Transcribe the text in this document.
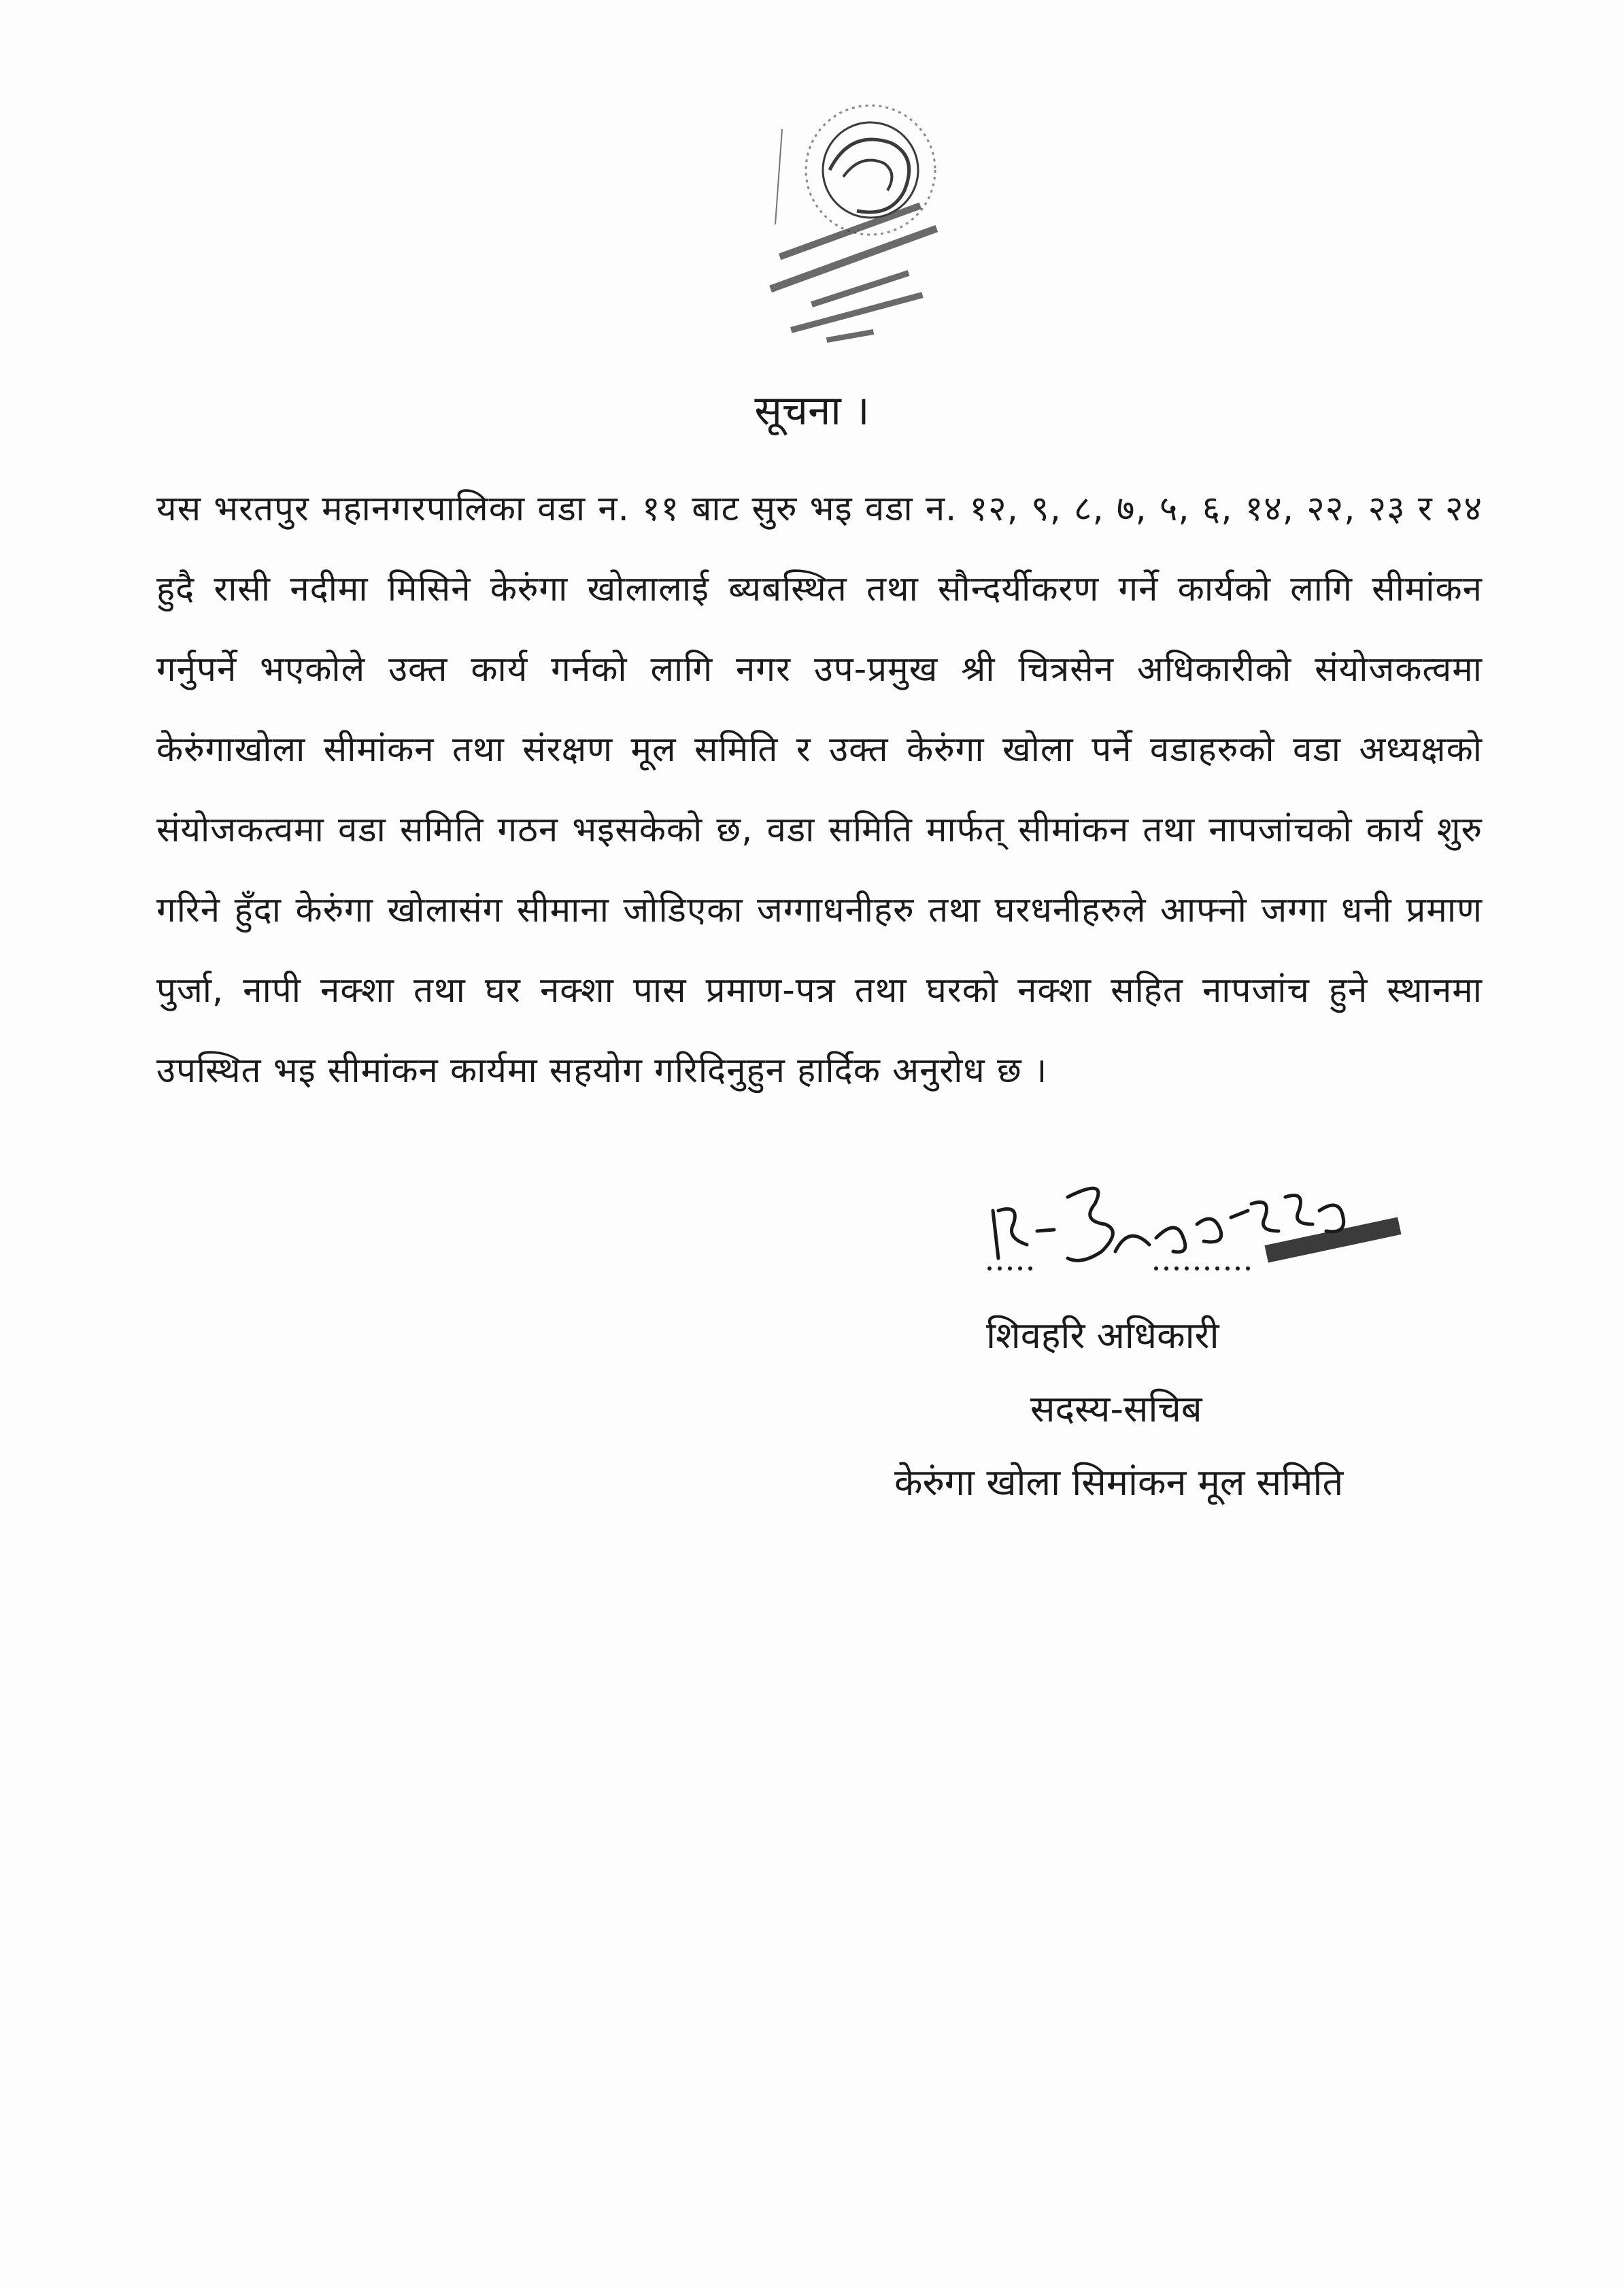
सूचना ।
यस भरतपुर महानगरपालिका वडा न. ११ बाट सुरु भइ वडा न. १२, ९, ८, ७, ५, ६, १४, २२, २३ र २४ हुदै रासी नदीमा मिसिने केरुंगा खोलालाई ब्यबस्थित तथा सौन्दर्यीकरण गर्ने कार्यको लागि सीमांकन गर्नुपर्ने भएकोले उक्त कार्य गर्नको लागि नगर उप-प्रमुख श्री चित्रसेन अधिकारीको संयोजकत्वमा केरुंगाखोला सीमांकन तथा संरक्षण मूल समिति र उक्त केरुंगा खोला पर्ने वडाहरुको वडा अध्यक्षको संयोजकत्वमा वडा समिति गठन भइसकेको छ, वडा समिति मार्फत् सीमांकन तथा नापजांचको कार्य शुरु गरिने हुँदा केरुंगा खोलासंग सीमाना जोडिएका जग्गाधनीहरु तथा घरधनीहरुले आफ्नो जग्गा धनी प्रमाण पुर्जा, नापी नक्शा तथा घर नक्शा पास प्रमाण-पत्र तथा घरको नक्शा सहित नापजांच हुने स्थानमा उपस्थित भइ सीमांकन कार्यमा सहयोग गरिदिनुहुन हार्दिक अनुरोध छ ।
शिवहरि अधिकारी
सदस्य-सचिब
केरुंगा खोला सिमांकन मूल समिति
